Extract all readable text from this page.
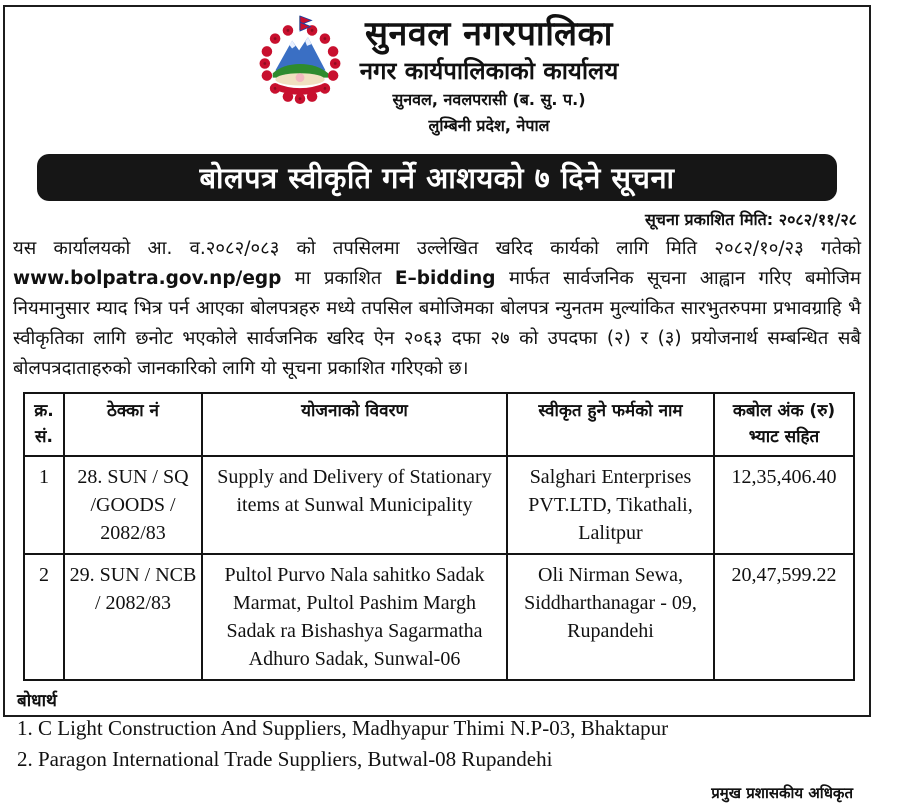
सुनवल नगरपालिका
नगर कार्यपालिकाको कार्यालय
सुनवल, नवलपरासी (ब. सु. प.)
लुम्बिनी प्रदेश, नेपाल
बोलपत्र स्वीकृति गर्ने आशयको ७ दिने सूचना
सूचना प्रकाशित मिति: २०८२/११/२८

यस कार्यालयको आ. व.२०८२/०८३ को तपसिलमा उल्लेखित खरिद कार्यको लागि मिति २०८२/१०/२३ गतेको www.bolpatra.gov.np/egp मा प्रकाशित E–bidding मार्फत सार्वजनिक सूचना आह्वान गरिए बमोजिम नियमानुसार म्याद भित्र पर्न आएका बोलपत्रहरु मध्ये तपसिल बमोजिमका बोलपत्र न्युनतम मुल्यांकित सारभुतरुपमा प्रभावग्राहि भै स्वीकृतिका लागि छनोट भएकोले सार्वजनिक खरिद ऐन २०६३ दफा २७ को उपदफा (२) र (३) प्रयोजनार्थ सम्बन्धित सबै बोलपत्रदाताहरुको जानकारिको लागि यो सूचना प्रकाशित गरिएको छ।

क्र.
सं.	ठेक्का नं	योजनाको विवरण	स्वीकृत हुने फर्मको नाम	कबोल अंक (रु)
भ्याट सहित
1	28. SUN / SQ /GOODS / 2082/83	Supply and Delivery of Stationary items at Sunwal Municipality	Salghari Enterprises PVT.LTD, Tikathali, Lalitpur	12,35,406.40
2	29. SUN / NCB / 2082/83	Pultol Purvo Nala sahitko Sadak Marmat, Pultol Pashim Margh Sadak ra Bishashya Sagarmatha Adhuro Sadak, Sunwal-06	Oli Nirman Sewa, Siddharthanagar - 09, Rupandehi	20,47,599.22
बोधार्थ
1. C Light Construction And Suppliers, Madhyapur Thimi N.P-03, Bhaktapur
2. Paragon International Trade Suppliers, Butwal-08 Rupandehi
प्रमुख प्रशासकीय अधिकृत
